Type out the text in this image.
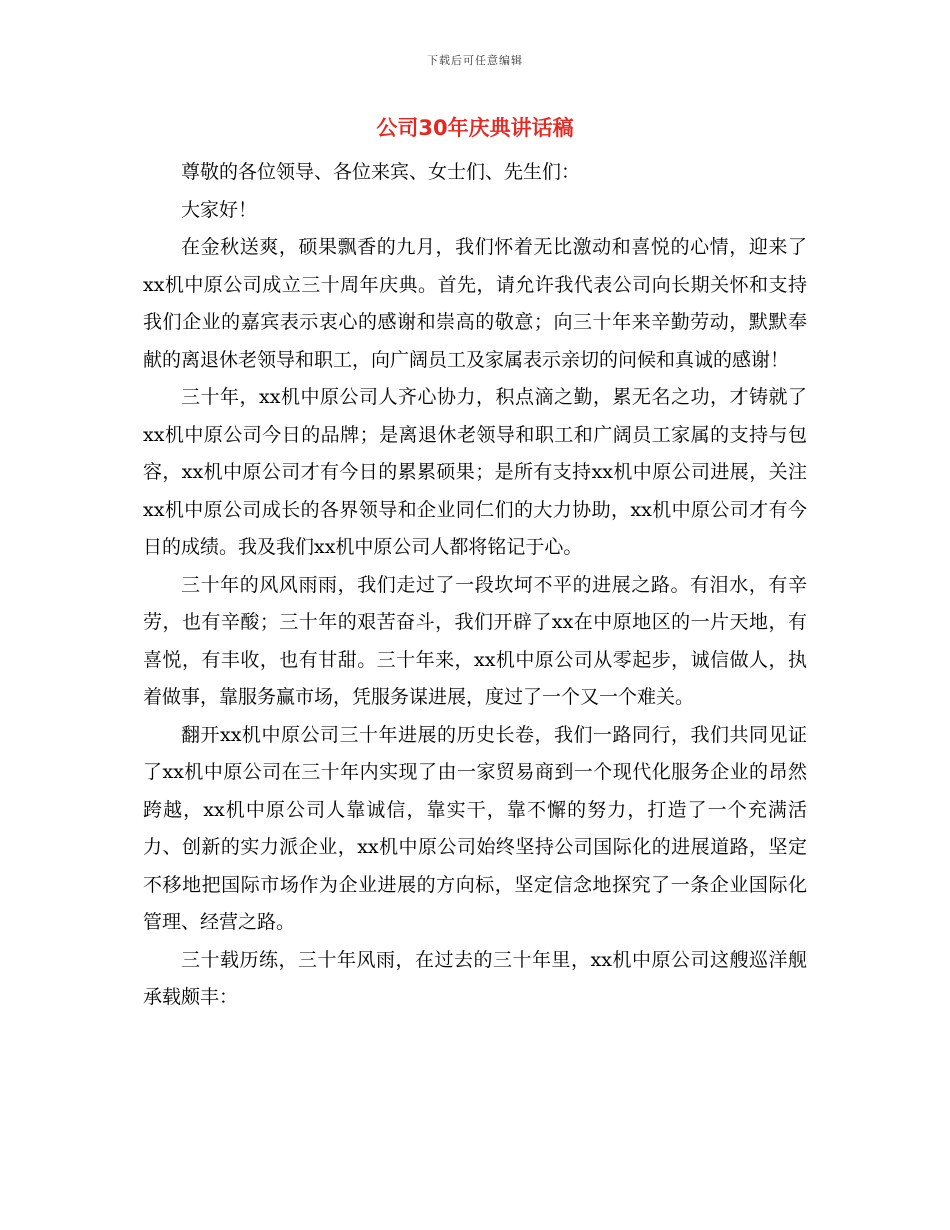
下载后可任意编辑
公司30年庆典讲话稿

尊敬的各位领导、各位来宾、女士们、先生们：

大家好！

在金秋送爽，硕果飘香的九月，我们怀着无比激动和喜悦的心情，迎来了xx机中原公司成立三十周年庆典。首先，请允许我代表公司向长期关怀和支持我们企业的嘉宾表示衷心的感谢和崇高的敬意；向三十年来辛勤劳动，默默奉献的离退休老领导和职工，向广阔员工及家属表示亲切的问候和真诚的感谢！

三十年，xx机中原公司人齐心协力，积点滴之勤，累无名之功，才铸就了xx机中原公司今日的品牌；是离退休老领导和职工和广阔员工家属的支持与包容，xx机中原公司才有今日的累累硕果；是所有支持xx机中原公司进展，关注xx机中原公司成长的各界领导和企业同仁们的大力协助，xx机中原公司才有今日的成绩。我及我们xx机中原公司人都将铭记于心。

三十年的风风雨雨，我们走过了一段坎坷不平的进展之路。有泪水，有辛劳，也有辛酸；三十年的艰苦奋斗，我们开辟了xx在中原地区的一片天地，有喜悦，有丰收，也有甘甜。三十年来，xx机中原公司从零起步，诚信做人，执着做事，靠服务赢市场，凭服务谋进展，度过了一个又一个难关。

翻开xx机中原公司三十年进展的历史长卷，我们一路同行，我们共同见证了xx机中原公司在三十年内实现了由一家贸易商到一个现代化服务企业的昂然跨越，xx机中原公司人靠诚信，靠实干，靠不懈的努力，打造了一个充满活力、创新的实力派企业，xx机中原公司始终坚持公司国际化的进展道路，坚定不移地把国际市场作为企业进展的方向标，坚定信念地探究了一条企业国际化管理、经营之路。

三十载历练，三十年风雨，在过去的三十年里，xx机中原公司这艘巡洋舰承载颇丰：
